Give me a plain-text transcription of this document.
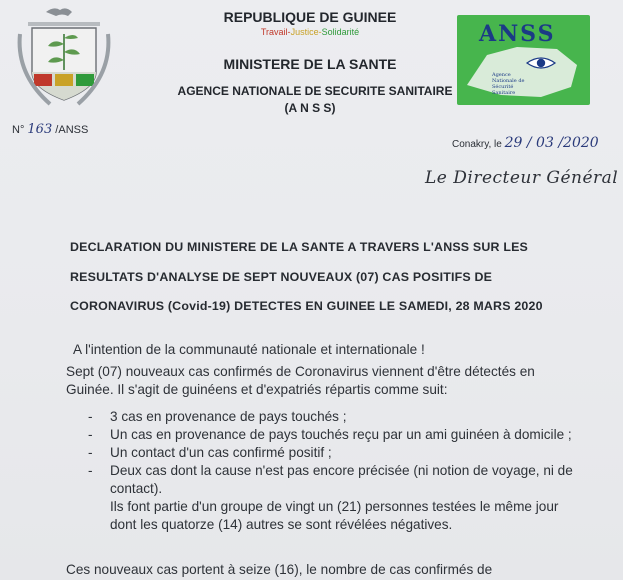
REPUBLIQUE DE GUINEE
Travail-Justice-Solidarité
MINISTERE DE LA SANTE
AGENCE NATIONALE DE SECURITE SANITAIRE
(A N S S)
ANSS
Agence Nationale de Sécurité Sanitaire
N° 163 /ANSS
Conakry, le 29 / 03 /2020
Le Directeur Général
DECLARATION DU MINISTERE DE LA SANTE A TRAVERS L'ANSS SUR LES
RESULTATS D'ANALYSE DE SEPT NOUVEAUX (07) CAS POSITIFS DE
CORONAVIRUS (Covid-19) DETECTES EN GUINEE LE SAMEDI, 28 MARS 2020
A l'intention de la communauté nationale et internationale !
Sept (07) nouveaux cas confirmés de Coronavirus viennent d'être détectés en Guinée. Il s'agit de guinéens et d'expatriés répartis comme suit:
- 3 cas en provenance de pays touchés ;
- Un cas en provenance de pays touchés reçu par un ami guinéen à domicile ;
- Un contact d'un cas confirmé positif ;
- Deux cas dont la cause n'est pas encore précisée (ni notion de voyage, ni de contact).
Ils font partie d'un groupe de vingt un (21) personnes testées le même jour dont les quatorze (14) autres se sont révélées négatives.
Ces nouveaux cas portent à seize (16), le nombre de cas confirmés de
